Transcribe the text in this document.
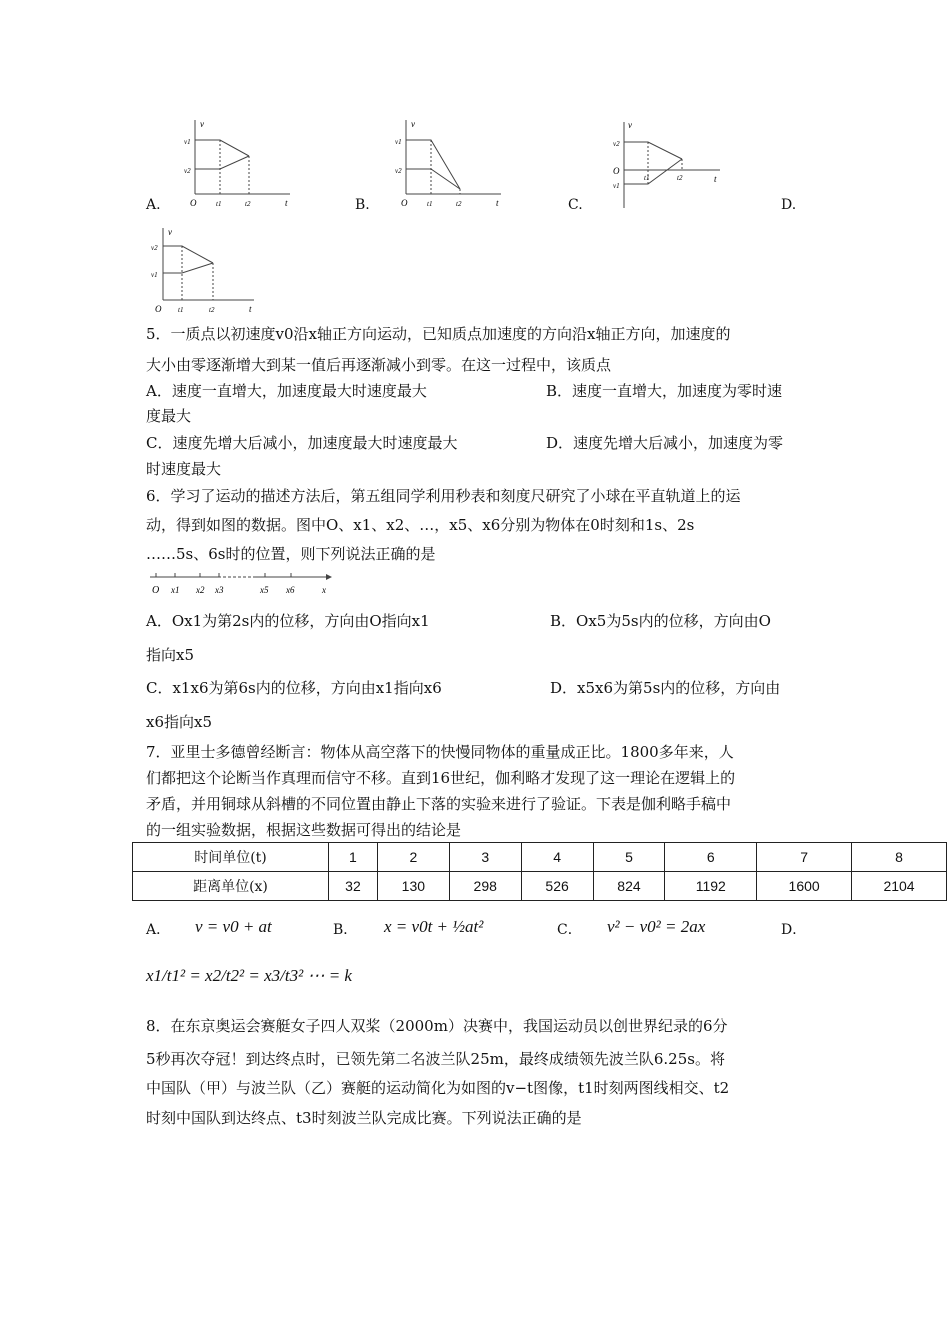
A.	B.	C.	D.
v
v1
v2
O	t1	t2	t
v
v1
v2
O	t1	t2	t
v
v2
O
v1
t1	t2	t
v
v2
v1
O t1	t2	t
5．一质点以初速度v0沿x轴正方向运动，已知质点加速度的方向沿x轴正方向，加速度的
大小由零逐渐增大到某一值后再逐渐减小到零。在这一过程中，该质点
A．速度一直增大，加速度最大时速度最大	B．速度一直增大，加速度为零时速
度最大
C．速度先增大后减小，加速度最大时速度最大	D．速度先增大后减小，加速度为零
时速度最大
6．学习了运动的描述方法后，第五组同学利用秒表和刻度尺研究了小球在平直轨道上的运
动，得到如图的数据。图中O、x1、x2、…，x5、x6分别为物体在0时刻和1s、2s
……5s、6s时的位置，则下列说法正确的是
O x1 x2 x3	x5 x6	x
A．Ox1为第2s内的位移，方向由O指向x1	B．Ox5为5s内的位移，方向由O
指向x5
C．x1x6为第6s内的位移，方向由x1指向x6	D．x5x6为第5s内的位移，方向由
x6指向x5
7．亚里士多德曾经断言：物体从高空落下的快慢同物体的重量成正比。1800多年来，人
们都把这个论断当作真理而信守不移。直到16世纪，伽利略才发现了这一理论在逻辑上的
矛盾，并用铜球从斜槽的不同位置由静止下落的实验来进行了验证。下表是伽利略手稿中
的一组实验数据，根据这些数据可得出的结论是
时间单位(t)	1	2	3	4	5	6	7	8
距离单位(x)	32	130	298	526	824	1192	1600	2104
A． v = v0 + at	B． x = v0t + ½at²	C． v² − v0² = 2ax	D．
x1/t1² = x2/t2² = x3/t3² ⋯ = k
8．在东京奥运会赛艇女子四人双桨（2000m）决赛中，我国运动员以创世界纪录的6分
5秒再次夺冠！到达终点时，已领先第二名波兰队25m，最终成绩领先波兰队6.25s。将
中国队（甲）与波兰队（乙）赛艇的运动简化为如图的v−t图像，t1时刻两图线相交、t2
时刻中国队到达终点、t3时刻波兰队完成比赛。下列说法正确的是
